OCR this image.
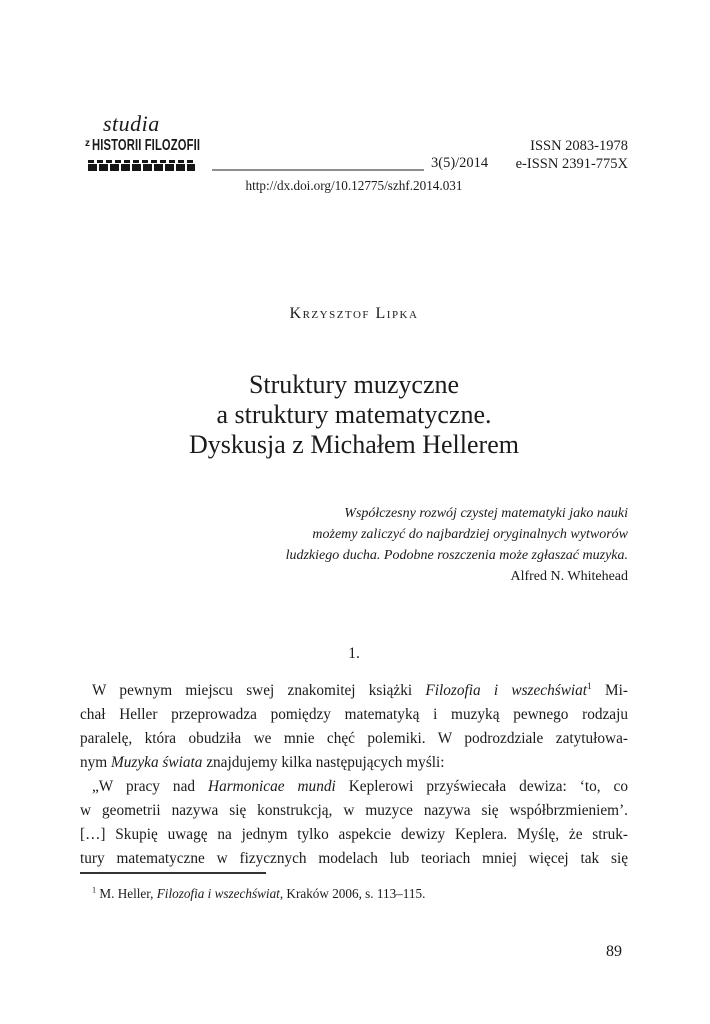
studia
z HISTORII FILOZOFII
3(5)/2014
ISSN 2083-1978
e-ISSN 2391-775X
http://dx.doi.org/10.12775/szhf.2014.031
Krzysztof Lipka
Struktury muzyczne
a struktury matematyczne.
Dyskusja z Michałem Hellerem
Współczesny rozwój czystej matematyki jako nauki
możemy zaliczyć do najbardziej oryginalnych wytworów
ludzkiego ducha. Podobne roszczenia może zgłaszać muzyka.
Alfred N. Whitehead
1.
W pewnym miejscu swej znakomitej książki Filozofia i wszechświat$^1$ Mi-
chał Heller przeprowadza pomiędzy matematyką i muzyką pewnego rodzaju
paralelę, która obudziła we mnie chęć polemiki. W podrozdziale zatytułowa-
nym Muzyka świata znajdujemy kilka następujących myśli:
„W pracy nad Harmonicae mundi Keplerowi przyświecała dewiza: ‘to, co
w geometrii nazywa się konstrukcją, w muzyce nazywa się współbrzmieniem’.
[…] Skupię uwagę na jednym tylko aspekcie dewizy Keplera. Myślę, że struk-
tury matematyczne w fizycznych modelach lub teoriach mniej więcej tak się
$^1$ M. Heller, Filozofia i wszechświat, Kraków 2006, s. 113–115.
89
